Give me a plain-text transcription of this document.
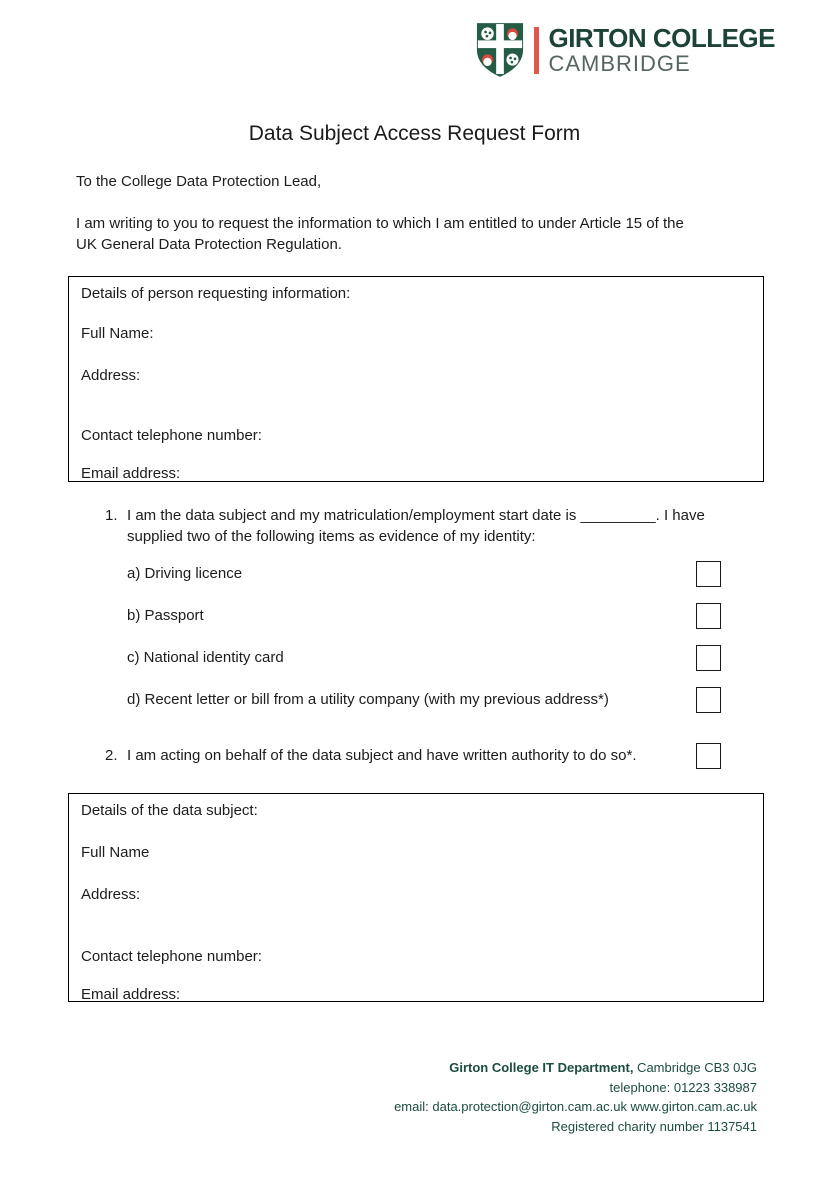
GIRTON COLLEGE
CAMBRIDGE
Data Subject Access Request Form

To the College Data Protection Lead,

I am writing to you to request the information to which I am entitled to under Article 15 of the
UK General Data Protection Regulation.

Details of person requesting information:
Full Name:
Address:
Contact telephone number:
Email address:
1. I am the data subject and my matriculation/employment start date is _________. I have
supplied two of the following items as evidence of my identity:
a) Driving licence
b) Passport
c) National identity card
d) Recent letter or bill from a utility company (with my previous address*)
2. I am acting on behalf of the data subject and have written authority to do so*.
Details of the data subject:
Full Name
Address:
Contact telephone number:
Email address:
Girton College IT Department, Cambridge CB3 0JG
telephone: 01223 338987
email: data.protection@girton.cam.ac.uk www.girton.cam.ac.uk
Registered charity number 1137541
